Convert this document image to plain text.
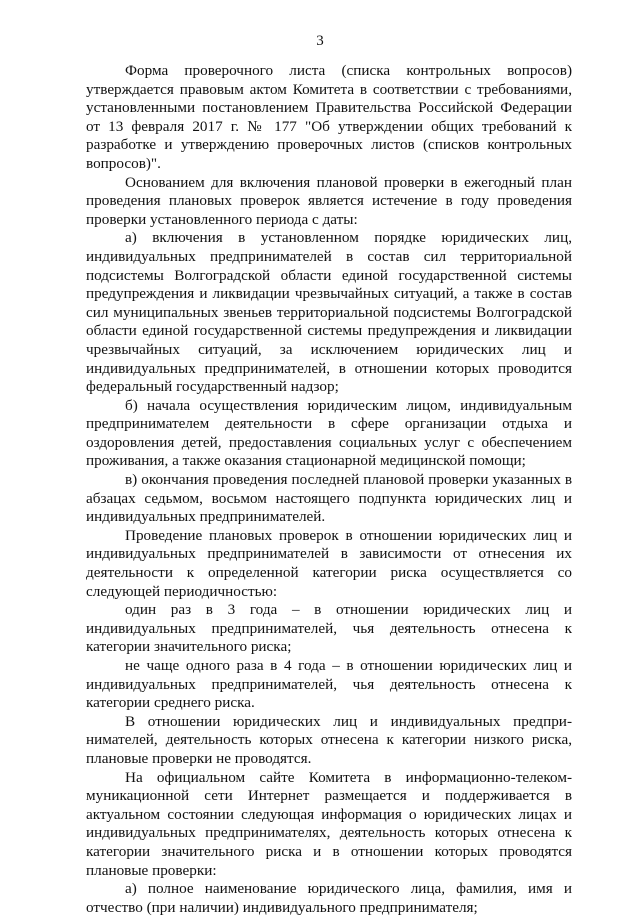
3

Форма проверочного листа (списка контрольных вопросов) утверждается правовым актом Комитета в соответствии с требованиями, установленными постановлением Правительства Российской Федерации от 13 февраля 2017 г. № 177 "Об утверждении общих требований к разработке и утверждению проверочных листов (списков контрольных вопросов)".

Основанием для включения плановой проверки в ежегодный план проведения плановых проверок является истечение в году проведения проверки установленного периода с даты:

а) включения в установленном порядке юридических лиц, индивидуальных предпринимателей в состав сил территориальной подсистемы Волгоградской области единой государственной системы предупреждения и ликвидации чрезвычайных ситуаций, а также в состав сил муниципальных звеньев территориальной подсистемы Волгоградской области единой государственной системы предупреждения и ликвидации чрезвычайных ситуаций, за исключением юридических лиц и индивидуальных предпринимателей, в отношении которых проводится федеральный государственный надзор;

б) начала осуществления юридическим лицом, индивидуальным предпринимателем деятельности в сфере организации отдыха и оздоровления детей, предоставления социальных услуг с обеспечением проживания, а также оказания стационарной медицинской помощи;

в) окончания проведения последней плановой проверки указанных в абзацах седьмом, восьмом настоящего подпункта юридических лиц и индивидуальных предпринимателей.

Проведение плановых проверок в отношении юридических лиц и индивидуальных предпринимателей в зависимости от отнесения их деятельности к определенной категории риска осуществляется со следующей периодичностью:

один раз в 3 года – в отношении юридических лиц и индивидуальных предпринимателей, чья деятельность отнесена к категории значительного риска;

не чаще одного раза в 4 года – в отношении юридических лиц и индивидуальных предпринимателей, чья деятельность отнесена к категории среднего риска.

В отношении юридических лиц и индивидуальных предпринимателей, деятельность которых отнесена к категории низкого риска, плановые проверки не проводятся.

На официальном сайте Комитета в информационно-телекоммуникационной сети Интернет размещается и поддерживается в актуальном состоянии следующая информация о юридических лицах и индивидуальных предпринимателях, деятельность которых отнесена к категории значительного риска и в отношении которых проводятся плановые проверки:

а) полное наименование юридического лица, фамилия, имя и отчество (при наличии) индивидуального предпринимателя;
